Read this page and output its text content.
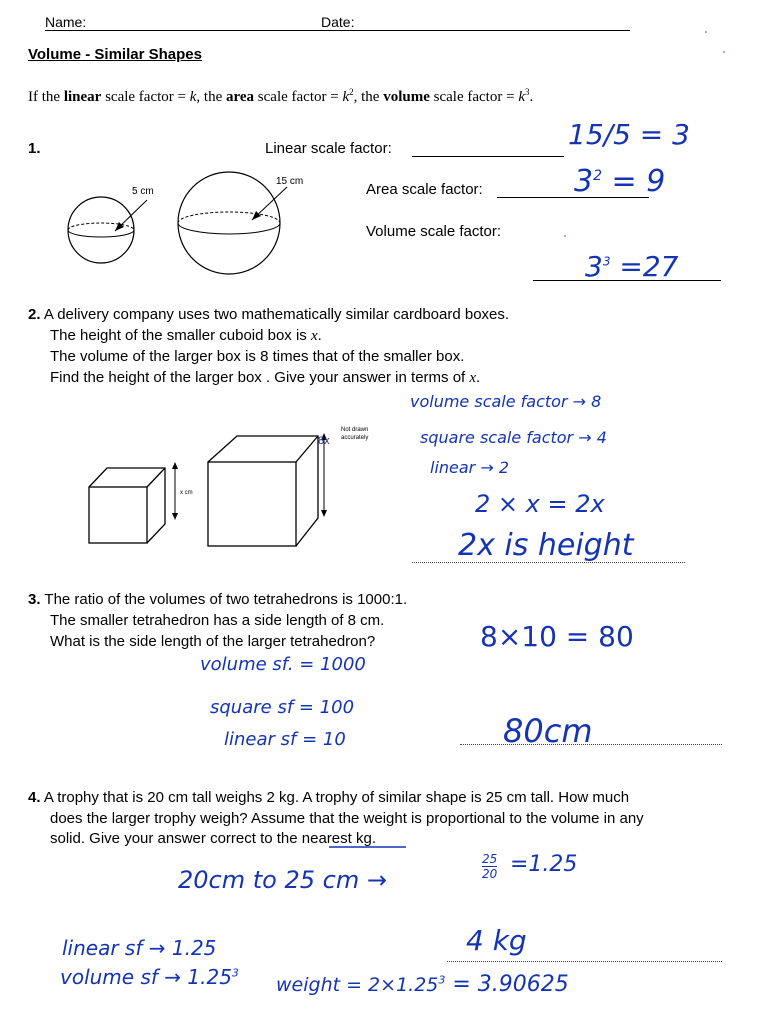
Name:	Date:
Volume - Similar Shapes
If the linear scale factor = k, the area scale factor = $k^2$, the volume scale factor = $k^3$.
1.	Linear scale factor:
Area scale factor:
Volume scale factor:
5 cm
15 cm
x cm
8x
Not drawn
accurately
15/5 = 3
$3^2 = 9$
$3^3 =27$
2. A delivery company uses two mathematically similar cardboard boxes.
The height of the smaller cuboid box is x.
The volume of the larger box is 8 times that of the smaller box.
Find the height of the larger box . Give your answer in terms of x.
volume scale factor → 8
square scale factor → 4
linear → 2
2 × x = 2x
2x is height
3. The ratio of the volumes of two tetrahedrons is 1000:1.
The smaller tetrahedron has a side length of 8 cm.
What is the side length of the larger tetrahedron?	8×10 = 80
volume sf. = 1000
square sf = 100
linear sf = 10	80cm
4. A trophy that is 20 cm tall weighs 2 kg. A trophy of similar shape is 25 cm tall. How much
does the larger trophy weigh? Assume that the weight is proportional to the volume in any
solid. Give your answer correct to the nearest kg.
20cm to 25 cm →	$\frac{25}{20} =1.25$
linear sf → 1.25
volume sf → $1.25^3$
4 kg
weight = $2\times 1.25^3 = 3.90625$
